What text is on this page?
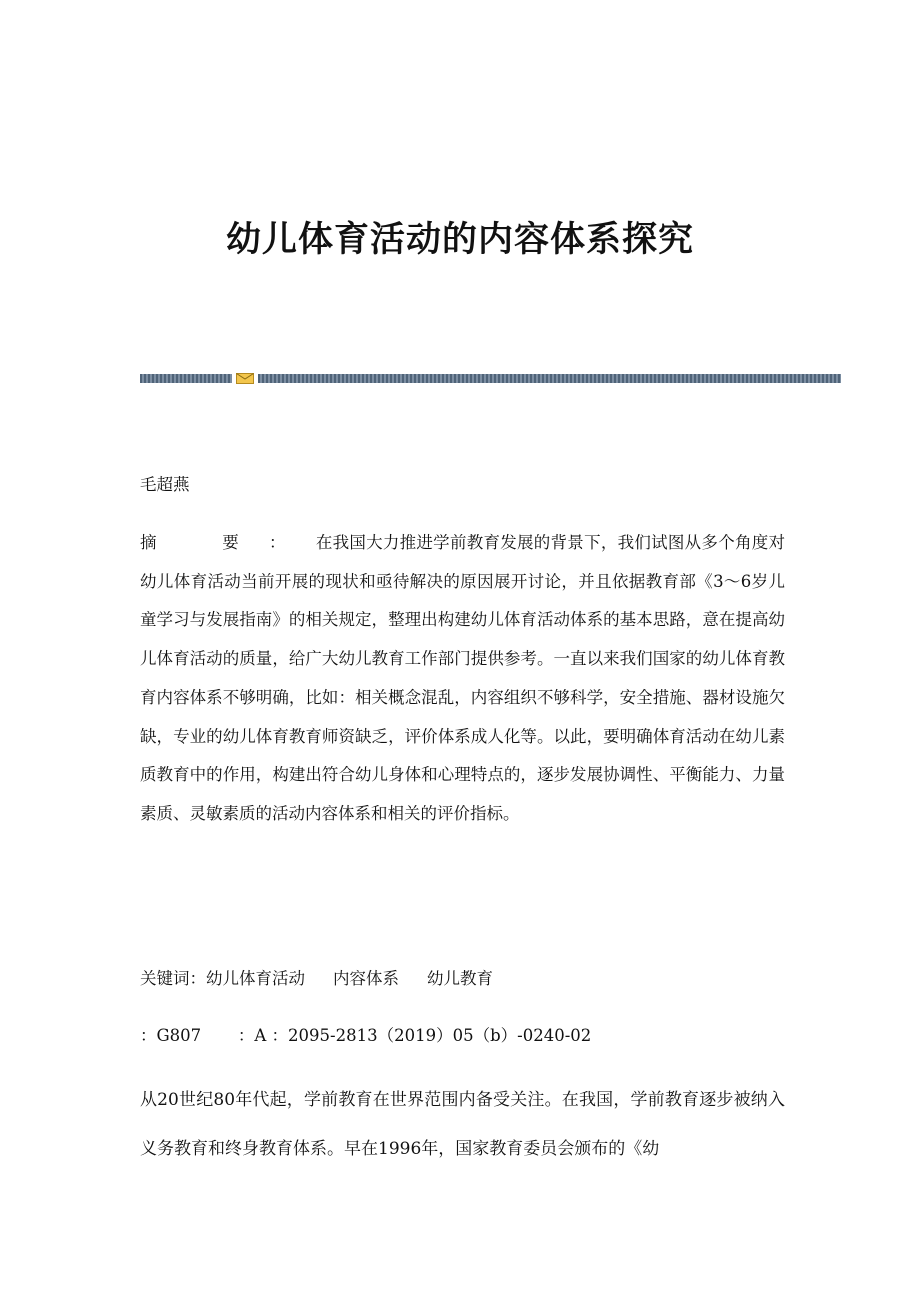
幼儿体育活动的内容体系探究

毛超燕

摘 要：在我国大力推进学前教育发展的背景下，我们试图从多个角度对幼儿体育活动当前开展的现状和亟待解决的原因展开讨论，并且依据教育部《3～6岁儿童学习与发展指南》的相关规定，整理出构建幼儿体育活动体系的基本思路，意在提高幼儿体育活动的质量，给广大幼儿教育工作部门提供参考。一直以来我们国家的幼儿体育教育内容体系不够明确，比如：相关概念混乱，内容组织不够科学，安全措施、器材设施欠缺，专业的幼儿体育教育师资缺乏，评价体系成人化等。以此，要明确体育活动在幼儿素质教育中的作用，构建出符合幼儿身体和心理特点的，逐步发展协调性、平衡能力、力量素质、灵敏素质的活动内容体系和相关的评价指标。

关键词：幼儿体育活动 内容体系 幼儿教育

：G807       ：A ：2095-2813（2019）05（b）-0240-02

从20世纪80年代起，学前教育在世界范围内备受关注。在我国，学前教育逐步被纳入义务教育和终身教育体系。早在1996年，国家教育委员会颁布的《幼
